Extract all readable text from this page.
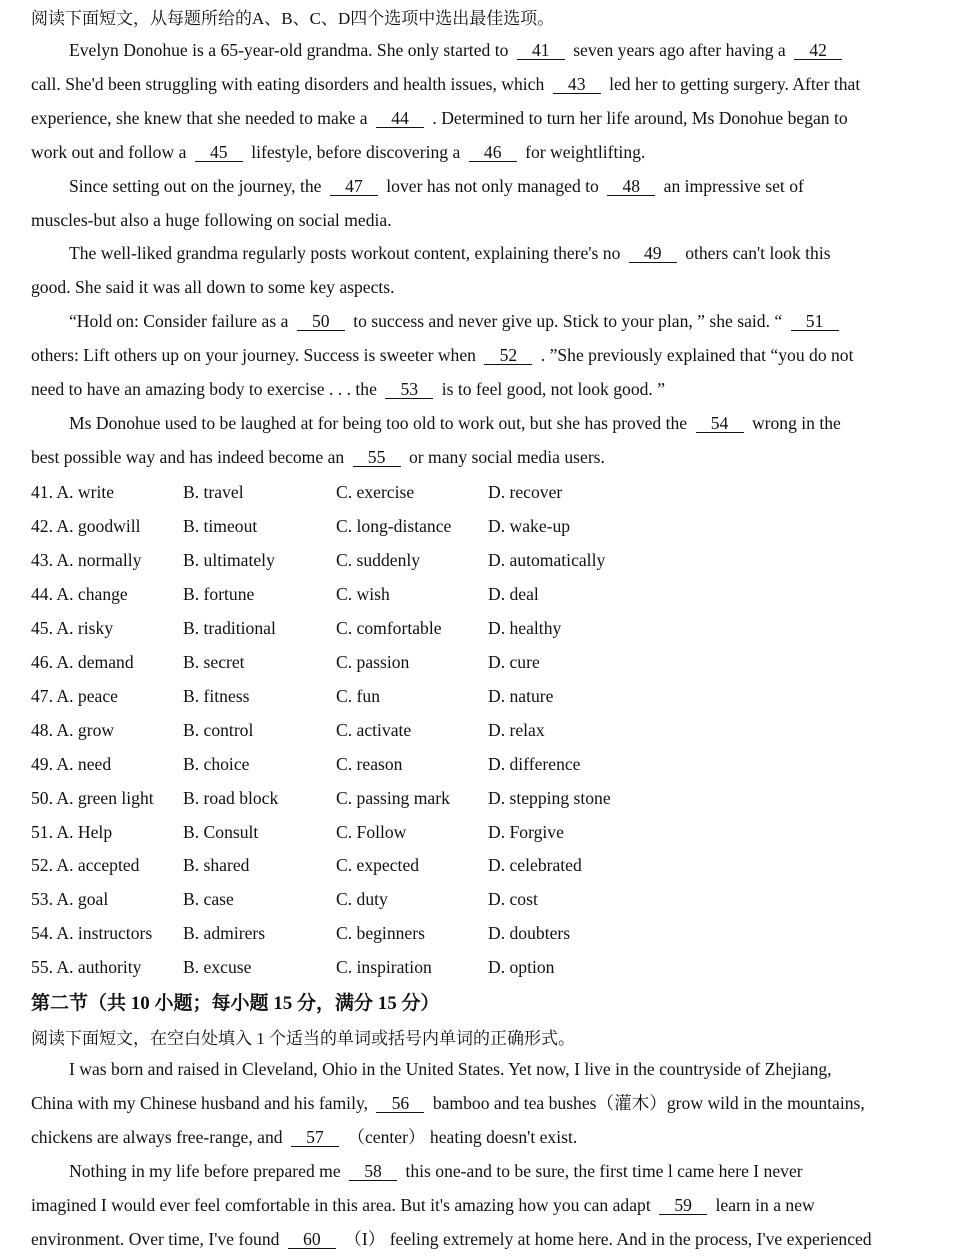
阅读下面短文，从每题所给的A、B、C、D四个选项中选出最佳选项。
Evelyn Donohue is a 65-year-old grandma. She only started to 41 seven years ago after having a 42
call. She'd been struggling with eating disorders and health issues, which 43 led her to getting surgery. After that
experience, she knew that she needed to make a 44 . Determined to turn her life around, Ms Donohue began to
work out and follow a 45 lifestyle, before discovering a 46 for weightlifting.
Since setting out on the journey, the 47 lover has not only managed to 48 an impressive set of
muscles-but also a huge following on social media.
The well-liked grandma regularly posts workout content, explaining there's no 49 others can't look this
good. She said it was all down to some key aspects.
“Hold on: Consider failure as a 50 to success and never give up. Stick to your plan, ” she said. “ 51
others: Lift others up on your journey. Success is sweeter when 52 . ”She previously explained that “you do not
need to have an amazing body to exercise . . . the 53 is to feel good, not look good. ”
Ms Donohue used to be laughed at for being too old to work out, but she has proved the 54 wrong in the
best possible way and has indeed become an 55 or many social media users.
41. A. write	B. travel	C. exercise	D. recover
42. A. goodwill B. timeout	C. long-distance D. wake-up
43. A. normally B. ultimately	C. suddenly	D. automatically
44. A. change	B. fortune	C. wish	D. deal
45. A. risky	B. traditional	C. comfortable	D. healthy
46. A. demand	B. secret	C. passion	D. cure
47. A. peace	B. fitness	C. fun	D. nature
48. A. grow	B. control	C. activate	D. relax
49. A. need	B. choice	C. reason	D. difference
50. A. green light B. road block	C. passing mark D. stepping stone
51. A. Help	B. Consult	C. Follow	D. Forgive
52. A. accepted B. shared	C. expected	D. celebrated
53. A. goal	B. case	C. duty	D. cost
54. A. instructors B. admirers	C. beginners	D. doubters
55. A. authority B. excuse	C. inspiration	D. option
第二节（共 10 小题；每小题 15 分，满分 15 分）
阅读下面短文，在空白处填入 1 个适当的单词或括号内单词的正确形式。
I was born and raised in Cleveland, Ohio in the United States. Yet now, I live in the countryside of Zhejiang,
China with my Chinese husband and his family, 56 bamboo and tea bushes（灌木）grow wild in the mountains,
chickens are always free-range, and 57 （center） heating doesn't exist.
Nothing in my life before prepared me 58 this one-and to be sure, the first time l came here I never
imagined I would ever feel comfortable in this area. But it's amazing how you can adapt 59 learn in a new
environment. Over time, I've found 60 （I） feeling extremely at home here. And in the process, I've experienced
